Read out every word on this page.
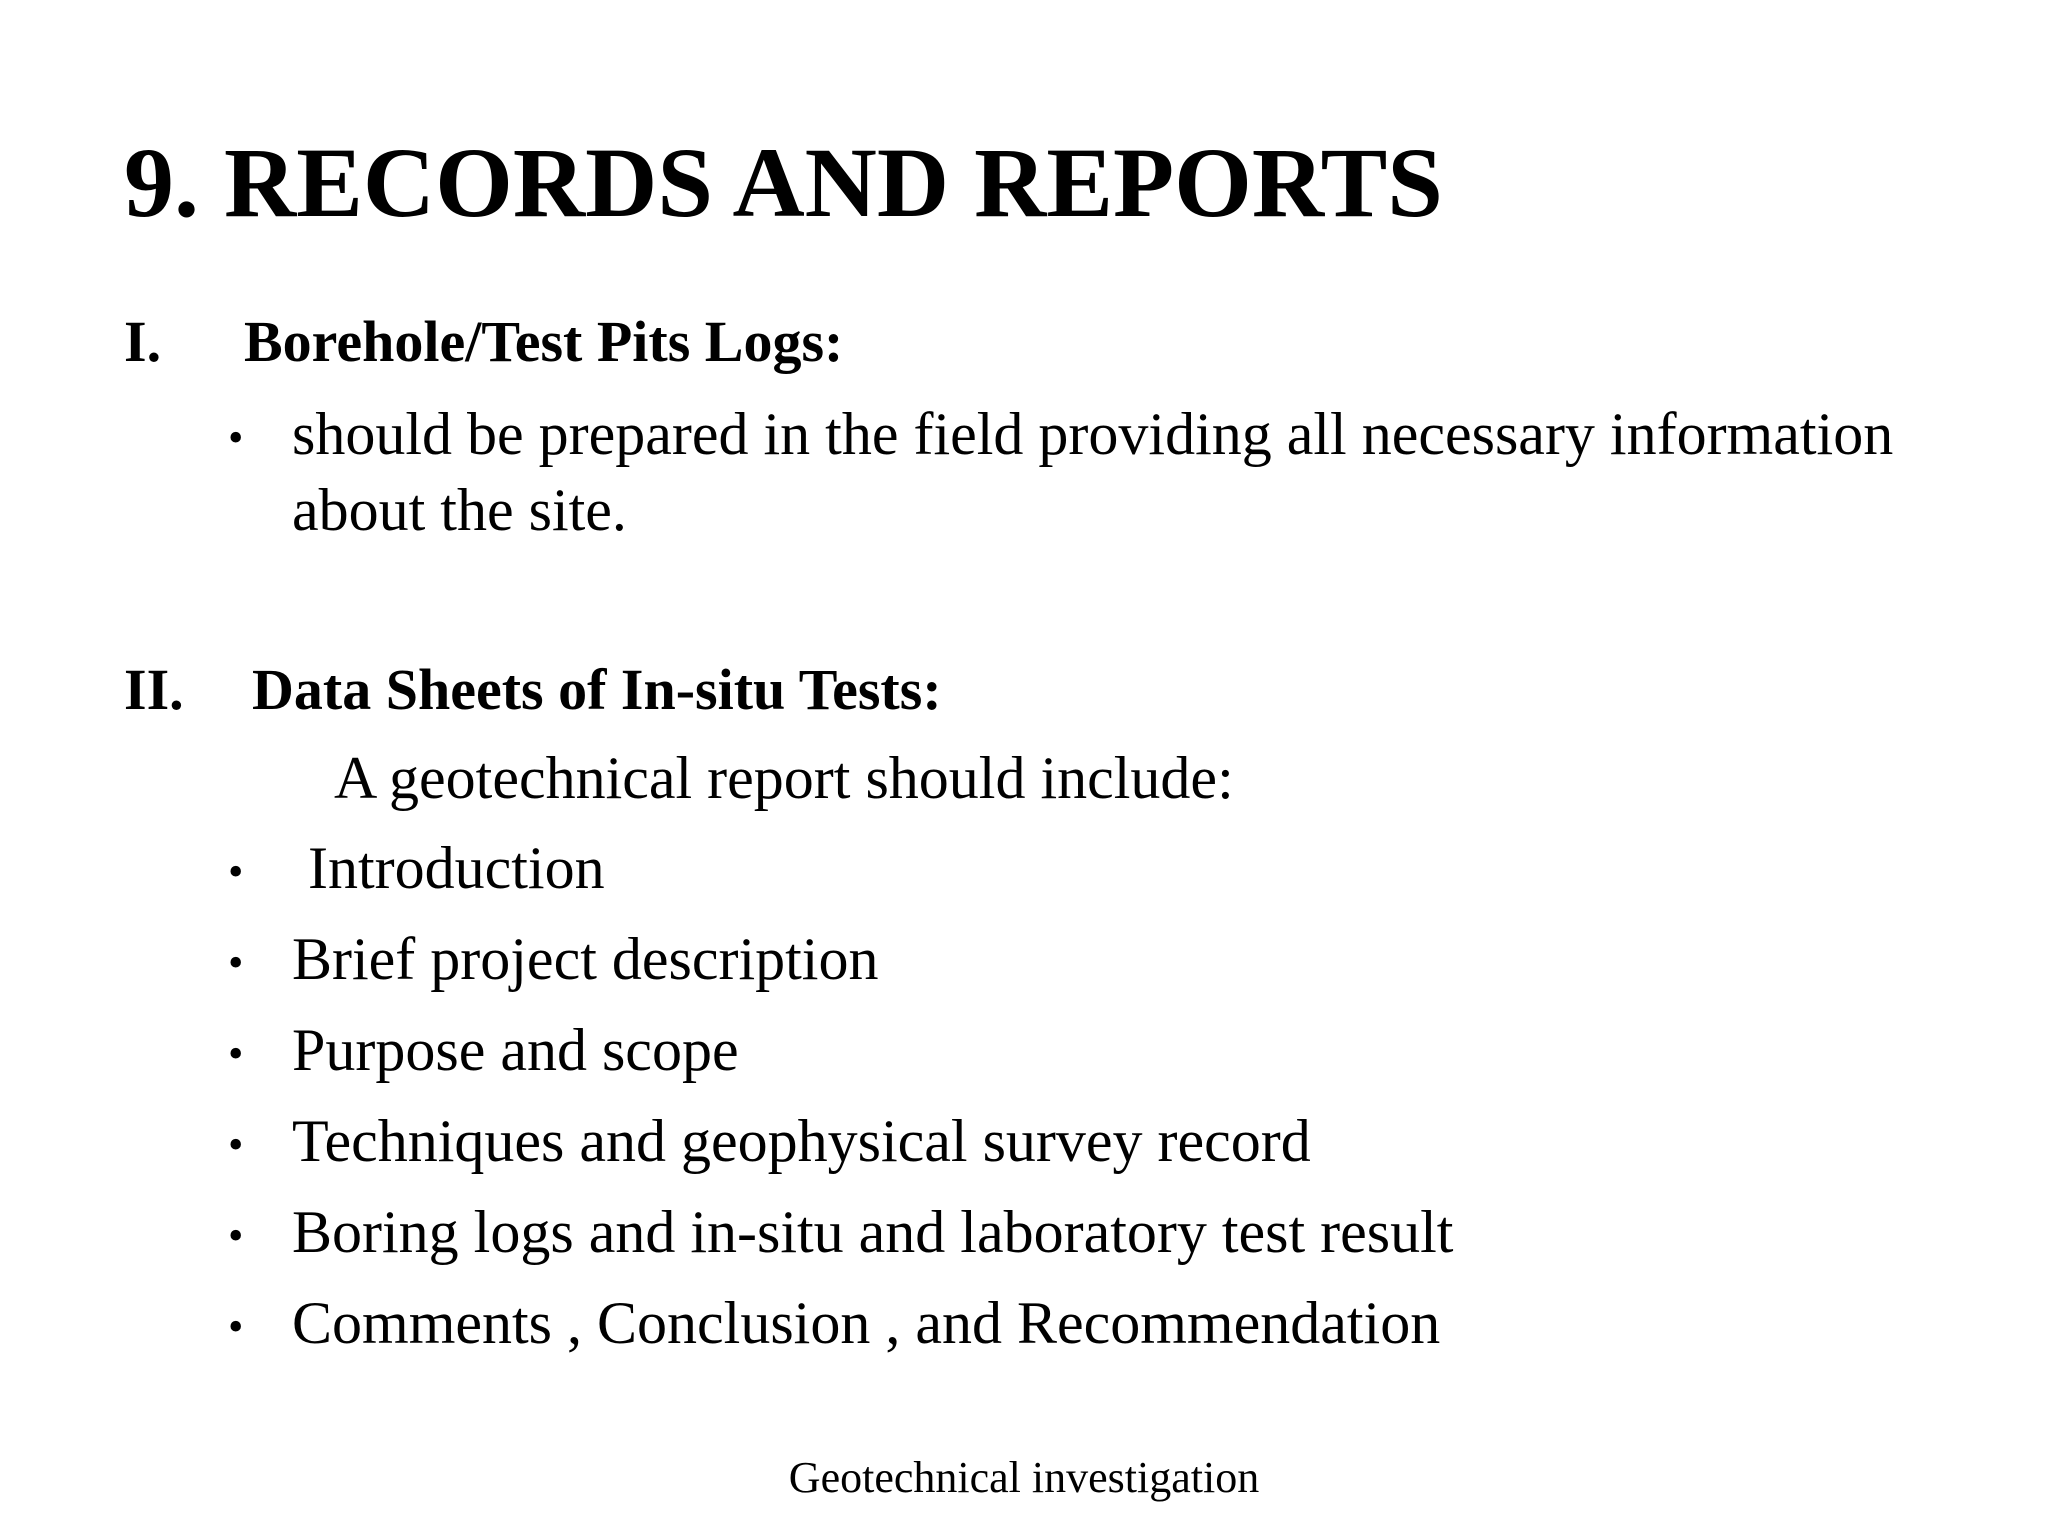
9. RECORDS AND REPORTS
I. Borehole/Test Pits Logs:
• should be prepared in the field providing all necessary information about the site.
II. Data Sheets of In-situ Tests:
A geotechnical report should include:
• Introduction
• Brief project description
• Purpose and scope
• Techniques and geophysical survey record
• Boring logs and in-situ and laboratory test result
• Comments , Conclusion , and Recommendation
Geotechnical investigation
